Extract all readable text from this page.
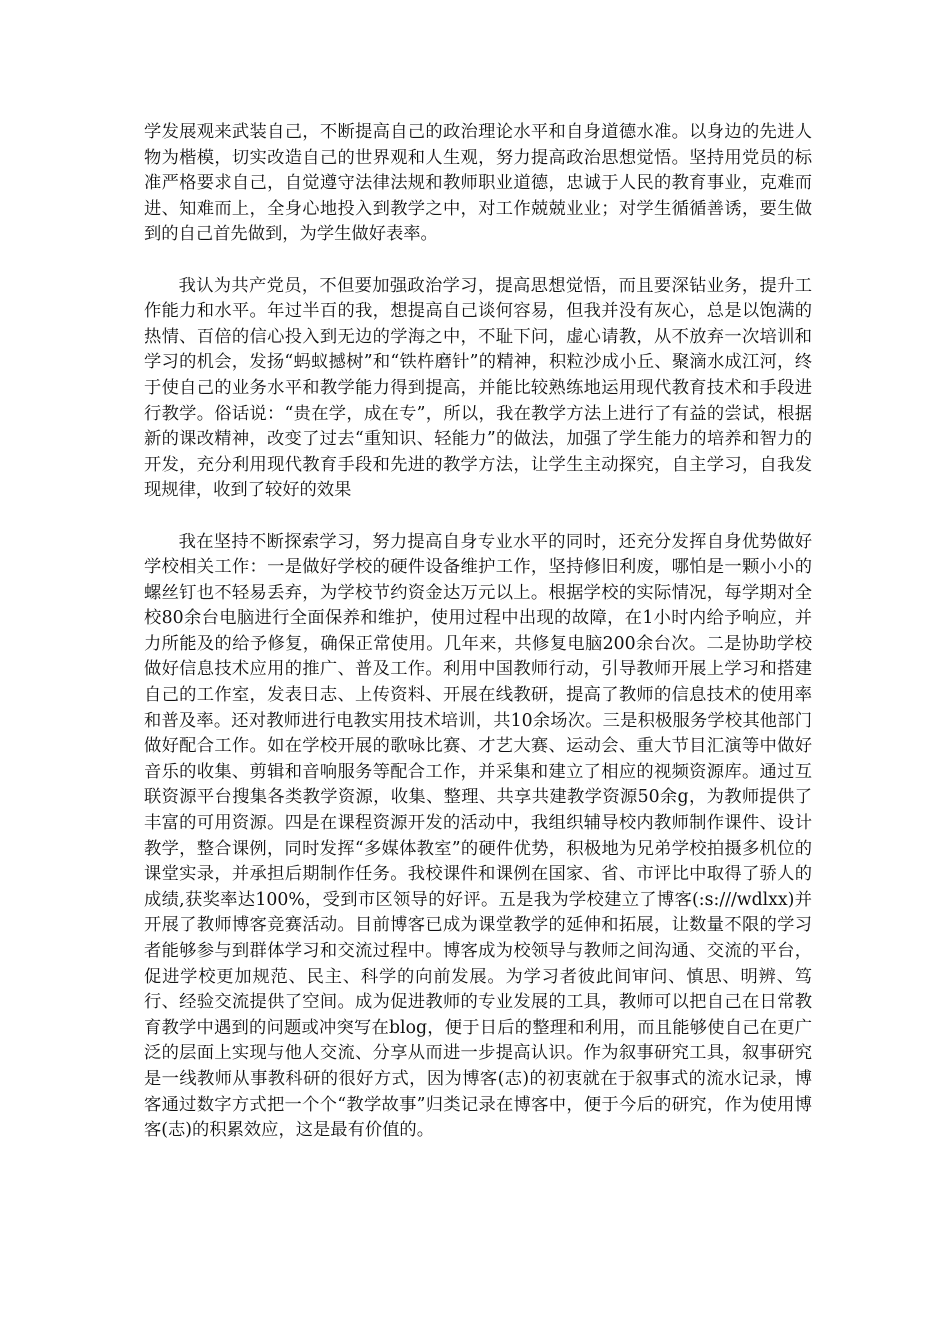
学发展观来武装自己，不断提高自己的政治理论水平和自身道德水准。以身边的先进人物为楷模，切实改造自己的世界观和人生观，努力提高政治思想觉悟。坚持用党员的标准严格要求自己，自觉遵守法律法规和教师职业道德，忠诚于人民的教育事业，克难而进、知难而上，全身心地投入到教学之中，对工作兢兢业业；对学生循循善诱，要生做到的自己首先做到，为学生做好表率。

我认为共产党员，不但要加强政治学习，提高思想觉悟，而且要深钻业务，提升工作能力和水平。年过半百的我，想提高自己谈何容易，但我并没有灰心，总是以饱满的热情、百倍的信心投入到无边的学海之中，不耻下问，虚心请教，从不放弃一次培训和学习的机会，发扬“蚂蚁撼树”和“铁杵磨针”的精神，积粒沙成小丘、聚滴水成江河，终于使自己的业务水平和教学能力得到提高，并能比较熟练地运用现代教育技术和手段进行教学。俗话说：“贵在学，成在专”，所以，我在教学方法上进行了有益的尝试，根据新的课改精神，改变了过去“重知识、轻能力”的做法，加强了学生能力的培养和智力的开发，充分利用现代教育手段和先进的教学方法，让学生主动探究，自主学习，自我发现规律，收到了较好的效果

我在坚持不断探索学习，努力提高自身专业水平的同时，还充分发挥自身优势做好学校相关工作：一是做好学校的硬件设备维护工作，坚持修旧利废，哪怕是一颗小小的螺丝钉也不轻易丢弃，为学校节约资金达万元以上。根据学校的实际情况，每学期对全校80余台电脑进行全面保养和维护，使用过程中出现的故障，在1小时内给予响应，并力所能及的给予修复，确保正常使用。几年来，共修复电脑200余台次。二是协助学校做好信息技术应用的推广、普及工作。利用中国教师行动，引导教师开展上学习和搭建自己的工作室，发表日志、上传资料、开展在线教研，提高了教师的信息技术的使用率和普及率。还对教师进行电教实用技术培训，共10余场次。三是积极服务学校其他部门做好配合工作。如在学校开展的歌咏比赛、才艺大赛、运动会、重大节目汇演等中做好音乐的收集、剪辑和音响服务等配合工作，并采集和建立了相应的视频资源库。通过互联资源平台搜集各类教学资源，收集、整理、共享共建教学资源50余g，为教师提供了丰富的可用资源。四是在课程资源开发的活动中，我组织辅导校内教师制作课件、设计教学，整合课例，同时发挥“多媒体教室”的硬件优势，积极地为兄弟学校拍摄多机位的课堂实录，并承担后期制作任务。我校课件和课例在国家、省、市评比中取得了骄人的成绩,获奖率达100%，受到市区领导的好评。五是我为学校建立了博客(:s:///wdlxx)并开展了教师博客竞赛活动。目前博客已成为课堂教学的延伸和拓展，让数量不限的学习者能够参与到群体学习和交流过程中。博客成为校领导与教师之间沟通、交流的平台，促进学校更加规范、民主、科学的向前发展。为学习者彼此间审问、慎思、明辨、笃行、经验交流提供了空间。成为促进教师的专业发展的工具，教师可以把自己在日常教育教学中遇到的问题或冲突写在blog，便于日后的整理和利用，而且能够使自己在更广泛的层面上实现与他人交流、分享从而进一步提高认识。作为叙事研究工具，叙事研究是一线教师从事教科研的很好方式，因为博客(志)的初衷就在于叙事式的流水记录，博客通过数字方式把一个个“教学故事”归类记录在博客中，便于今后的研究，作为使用博客(志)的积累效应，这是最有价值的。
